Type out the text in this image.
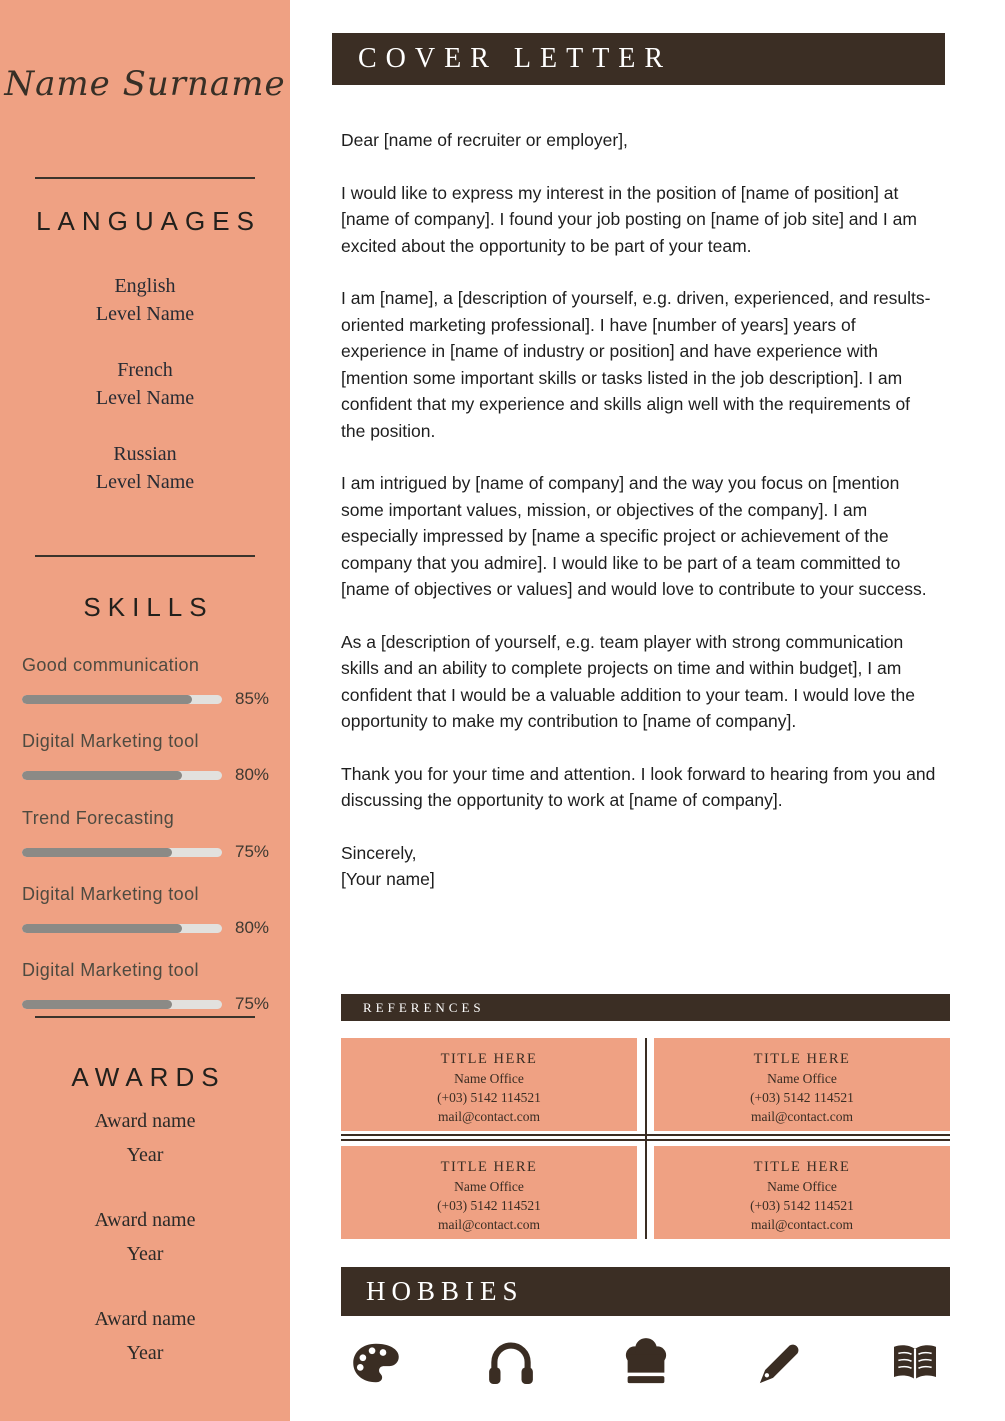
Name Surname
LANGUAGES
English
Level Name
French
Level Name
Russian
Level Name
SKILLS
Good communication
85%
Digital Marketing tool
80%
Trend Forecasting
75%
Digital Marketing tool
80%
Digital Marketing tool
75%
AWARDS
Award name
Year
Award name
Year
Award name
Year
COVER LETTER

Dear [name of recruiter or employer],

I would like to express my interest in the position of [name of position] at [name of company]. I found your job posting on [name of job site] and I am excited about the opportunity to be part of your team.

I am [name], a [description of yourself, e.g. driven, experienced, and results-oriented marketing professional]. I have [number of years] years of experience in [name of industry or position] and have experience with [mention some important skills or tasks listed in the job description]. I am confident that my experience and skills align well with the requirements of the position.

I am intrigued by [name of company] and the way you focus on [mention some important values, mission, or objectives of the company]. I am especially impressed by [name a specific project or achievement of the company that you admire]. I would like to be part of a team committed to [name of objectives or values] and would love to contribute to your success.

As a [description of yourself, e.g. team player with strong communication skills and an ability to complete projects on time and within budget], I am confident that I would be a valuable addition to your team. I would love the opportunity to make my contribution to [name of company].

Thank you for your time and attention. I look forward to hearing from you and discussing the opportunity to work at [name of company].

Sincerely,
[Your name]

REFERENCES
TITLE HERE
Name Office
(+03) 5142 114521
mail@contact.com
TITLE HERE
Name Office
(+03) 5142 114521
mail@contact.com
TITLE HERE
Name Office
(+03) 5142 114521
mail@contact.com
TITLE HERE
Name Office
(+03) 5142 114521
mail@contact.com
HOBBIES
